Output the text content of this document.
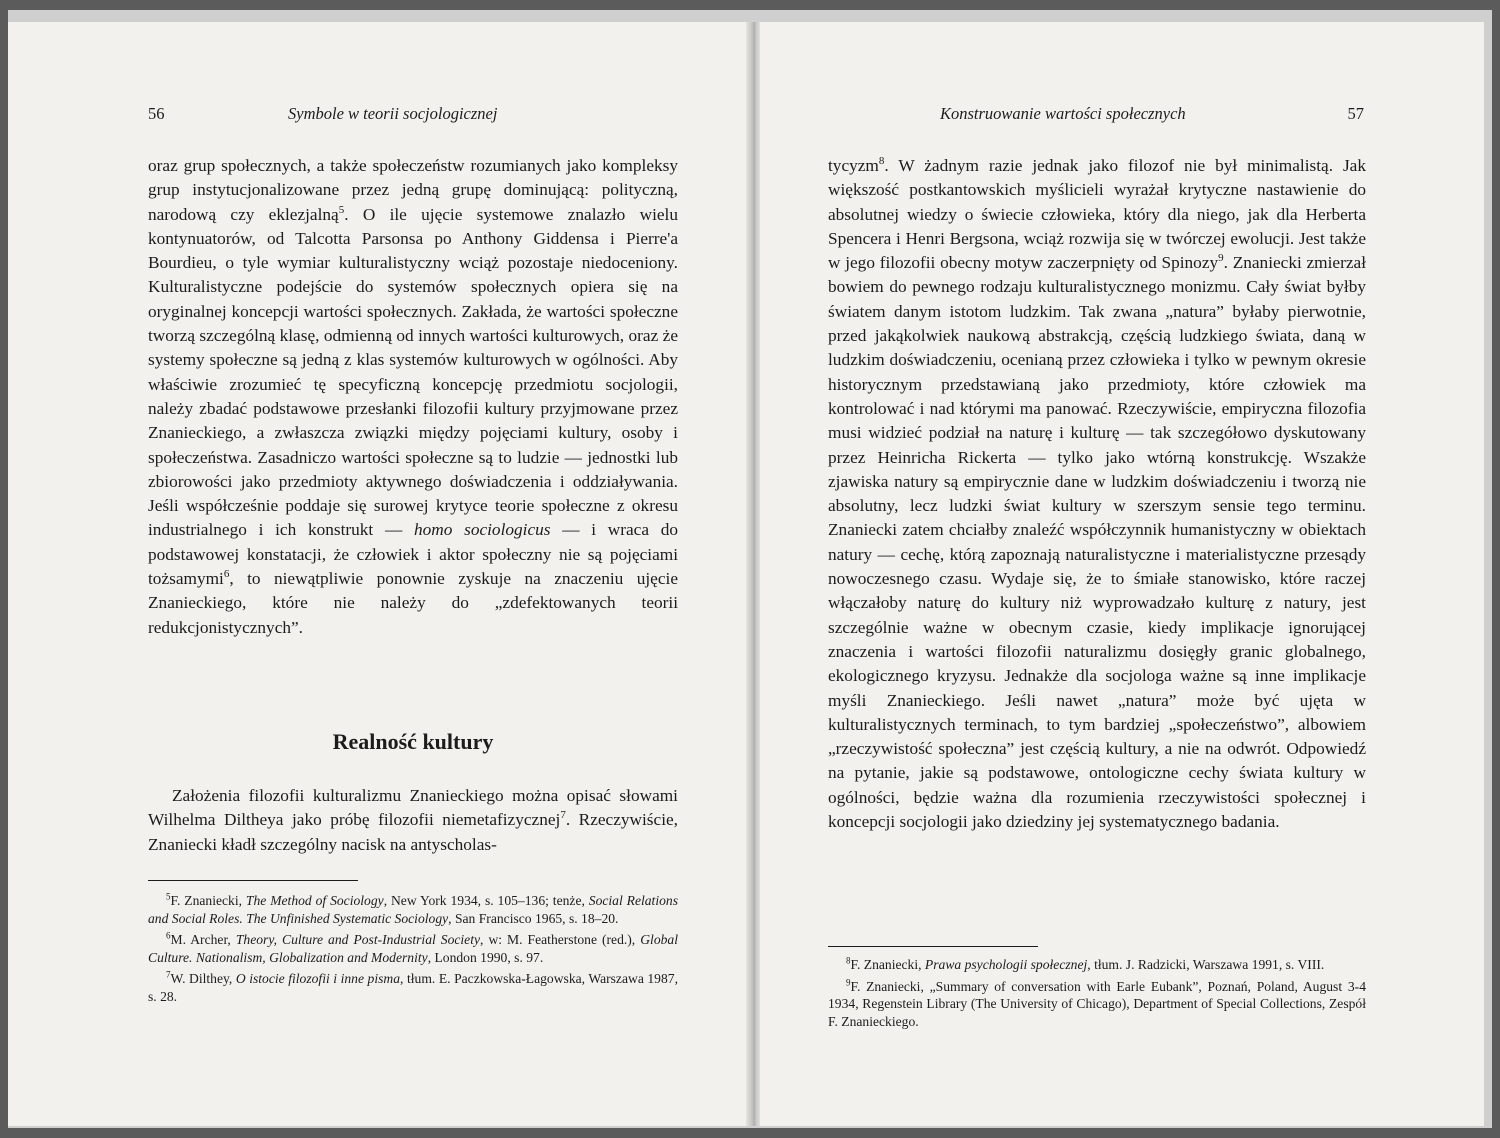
56	Symbole w teorii socjologicznej

oraz grup społecznych, a także społeczeństw rozumianych jako kompleksy grup instytucjonalizowane przez jedną grupę dominującą: polityczną, narodową czy eklezjalną$^5$. O ile ujęcie systemowe znalazło wielu kontynuatorów, od Talcotta Parsonsa po Anthony Giddensa i Pierre'a Bourdieu, o tyle wymiar kulturalistyczny wciąż pozostaje niedoceniony. Kulturalistyczne podejście do systemów społecznych opiera się na oryginalnej koncepcji wartości społecznych. Zakłada, że wartości społeczne tworzą szczególną klasę, odmienną od innych wartości kulturowych, oraz że systemy społeczne są jedną z klas systemów kulturowych w ogólności. Aby właściwie zrozumieć tę specyficzną koncepcję przedmiotu socjologii, należy zbadać podstawowe przesłanki filozofii kultury przyjmowane przez Znanieckiego, a zwłaszcza związki między pojęciami kultury, osoby i społeczeństwa. Zasadniczo wartości społeczne są to ludzie — jednostki lub zbiorowości jako przedmioty aktywnego doświadczenia i oddziaływania. Jeśli współcześnie poddaje się surowej krytyce teorie społeczne z okresu industrialnego i ich konstrukt — homo sociologicus — i wraca do podstawowej konstatacji, że człowiek i aktor społeczny nie są pojęciami tożsamymi$^6$, to niewątpliwie ponownie zyskuje na znaczeniu ujęcie Znanieckiego, które nie należy do „zdefektowanych teorii redukcjonistycznych”.

Realność kultury

Założenia filozofii kulturalizmu Znanieckiego można opisać słowami Wilhelma Diltheya jako próbę filozofii niemetafizycznej$^7$. Rzeczywiście, Znaniecki kładł szczególny nacisk na antyscholas-

$^5$F. Znaniecki, The Method of Sociology, New York 1934, s. 105–136; tenże, Social Relations and Social Roles. The Unfinished Systematic Sociology, San Francisco 1965, s. 18–20.

$^6$M. Archer, Theory, Culture and Post-Industrial Society, w: M. Featherstone (red.), Global Culture. Nationalism, Globalization and Modernity, London 1990, s. 97.

$^7$W. Dilthey, O istocie filozofii i inne pisma, tłum. E. Paczkowska-Łagowska, Warszawa 1987, s. 28.

Konstruowanie wartości społecznych	57

tycyzm$^8$. W żadnym razie jednak jako filozof nie był minimalistą. Jak większość postkantowskich myślicieli wyrażał krytyczne nastawienie do absolutnej wiedzy o świecie człowieka, który dla niego, jak dla Herberta Spencera i Henri Bergsona, wciąż rozwija się w twórczej ewolucji. Jest także w jego filozofii obecny motyw zaczerpnięty od Spinozy$^9$. Znaniecki zmierzał bowiem do pewnego rodzaju kulturalistycznego monizmu. Cały świat byłby światem danym istotom ludzkim. Tak zwana „natura” byłaby pierwotnie, przed jakąkolwiek naukową abstrakcją, częścią ludzkiego świata, daną w ludzkim doświadczeniu, ocenianą przez człowieka i tylko w pewnym okresie historycznym przedstawianą jako przedmioty, które człowiek ma kontrolować i nad którymi ma panować. Rzeczywiście, empiryczna filozofia musi widzieć podział na naturę i kulturę — tak szczegółowo dyskutowany przez Heinricha Rickerta — tylko jako wtórną konstrukcję. Wszakże zjawiska natury są empirycznie dane w ludzkim doświadczeniu i tworzą nie absolutny, lecz ludzki świat kultury w szerszym sensie tego terminu. Znaniecki zatem chciałby znaleźć współczynnik humanistyczny w obiektach natury — cechę, którą zapoznają naturalistyczne i materialistyczne przesądy nowoczesnego czasu. Wydaje się, że to śmiałe stanowisko, które raczej włączałoby naturę do kultury niż wyprowadzało kulturę z natury, jest szczególnie ważne w obecnym czasie, kiedy implikacje ignorującej znaczenia i wartości filozofii naturalizmu dosięgły granic globalnego, ekologicznego kryzysu. Jednakże dla socjologa ważne są inne implikacje myśli Znanieckiego. Jeśli nawet „natura” może być ujęta w kulturalistycznych terminach, to tym bardziej „społeczeństwo”, albowiem „rzeczywistość społeczna” jest częścią kultury, a nie na odwrót. Odpowiedź na pytanie, jakie są podstawowe, ontologiczne cechy świata kultury w ogólności, będzie ważna dla rozumienia rzeczywistości społecznej i koncepcji socjologii jako dziedziny jej systematycznego badania.

$^8$F. Znaniecki, Prawa psychologii społecznej, tłum. J. Radzicki, Warszawa 1991, s. VIII.

$^9$F. Znaniecki, „Summary of conversation with Earle Eubank”, Poznań, Poland, August 3-4 1934, Regenstein Library (The University of Chicago), Department of Special Collections, Zespół F. Znanieckiego.
